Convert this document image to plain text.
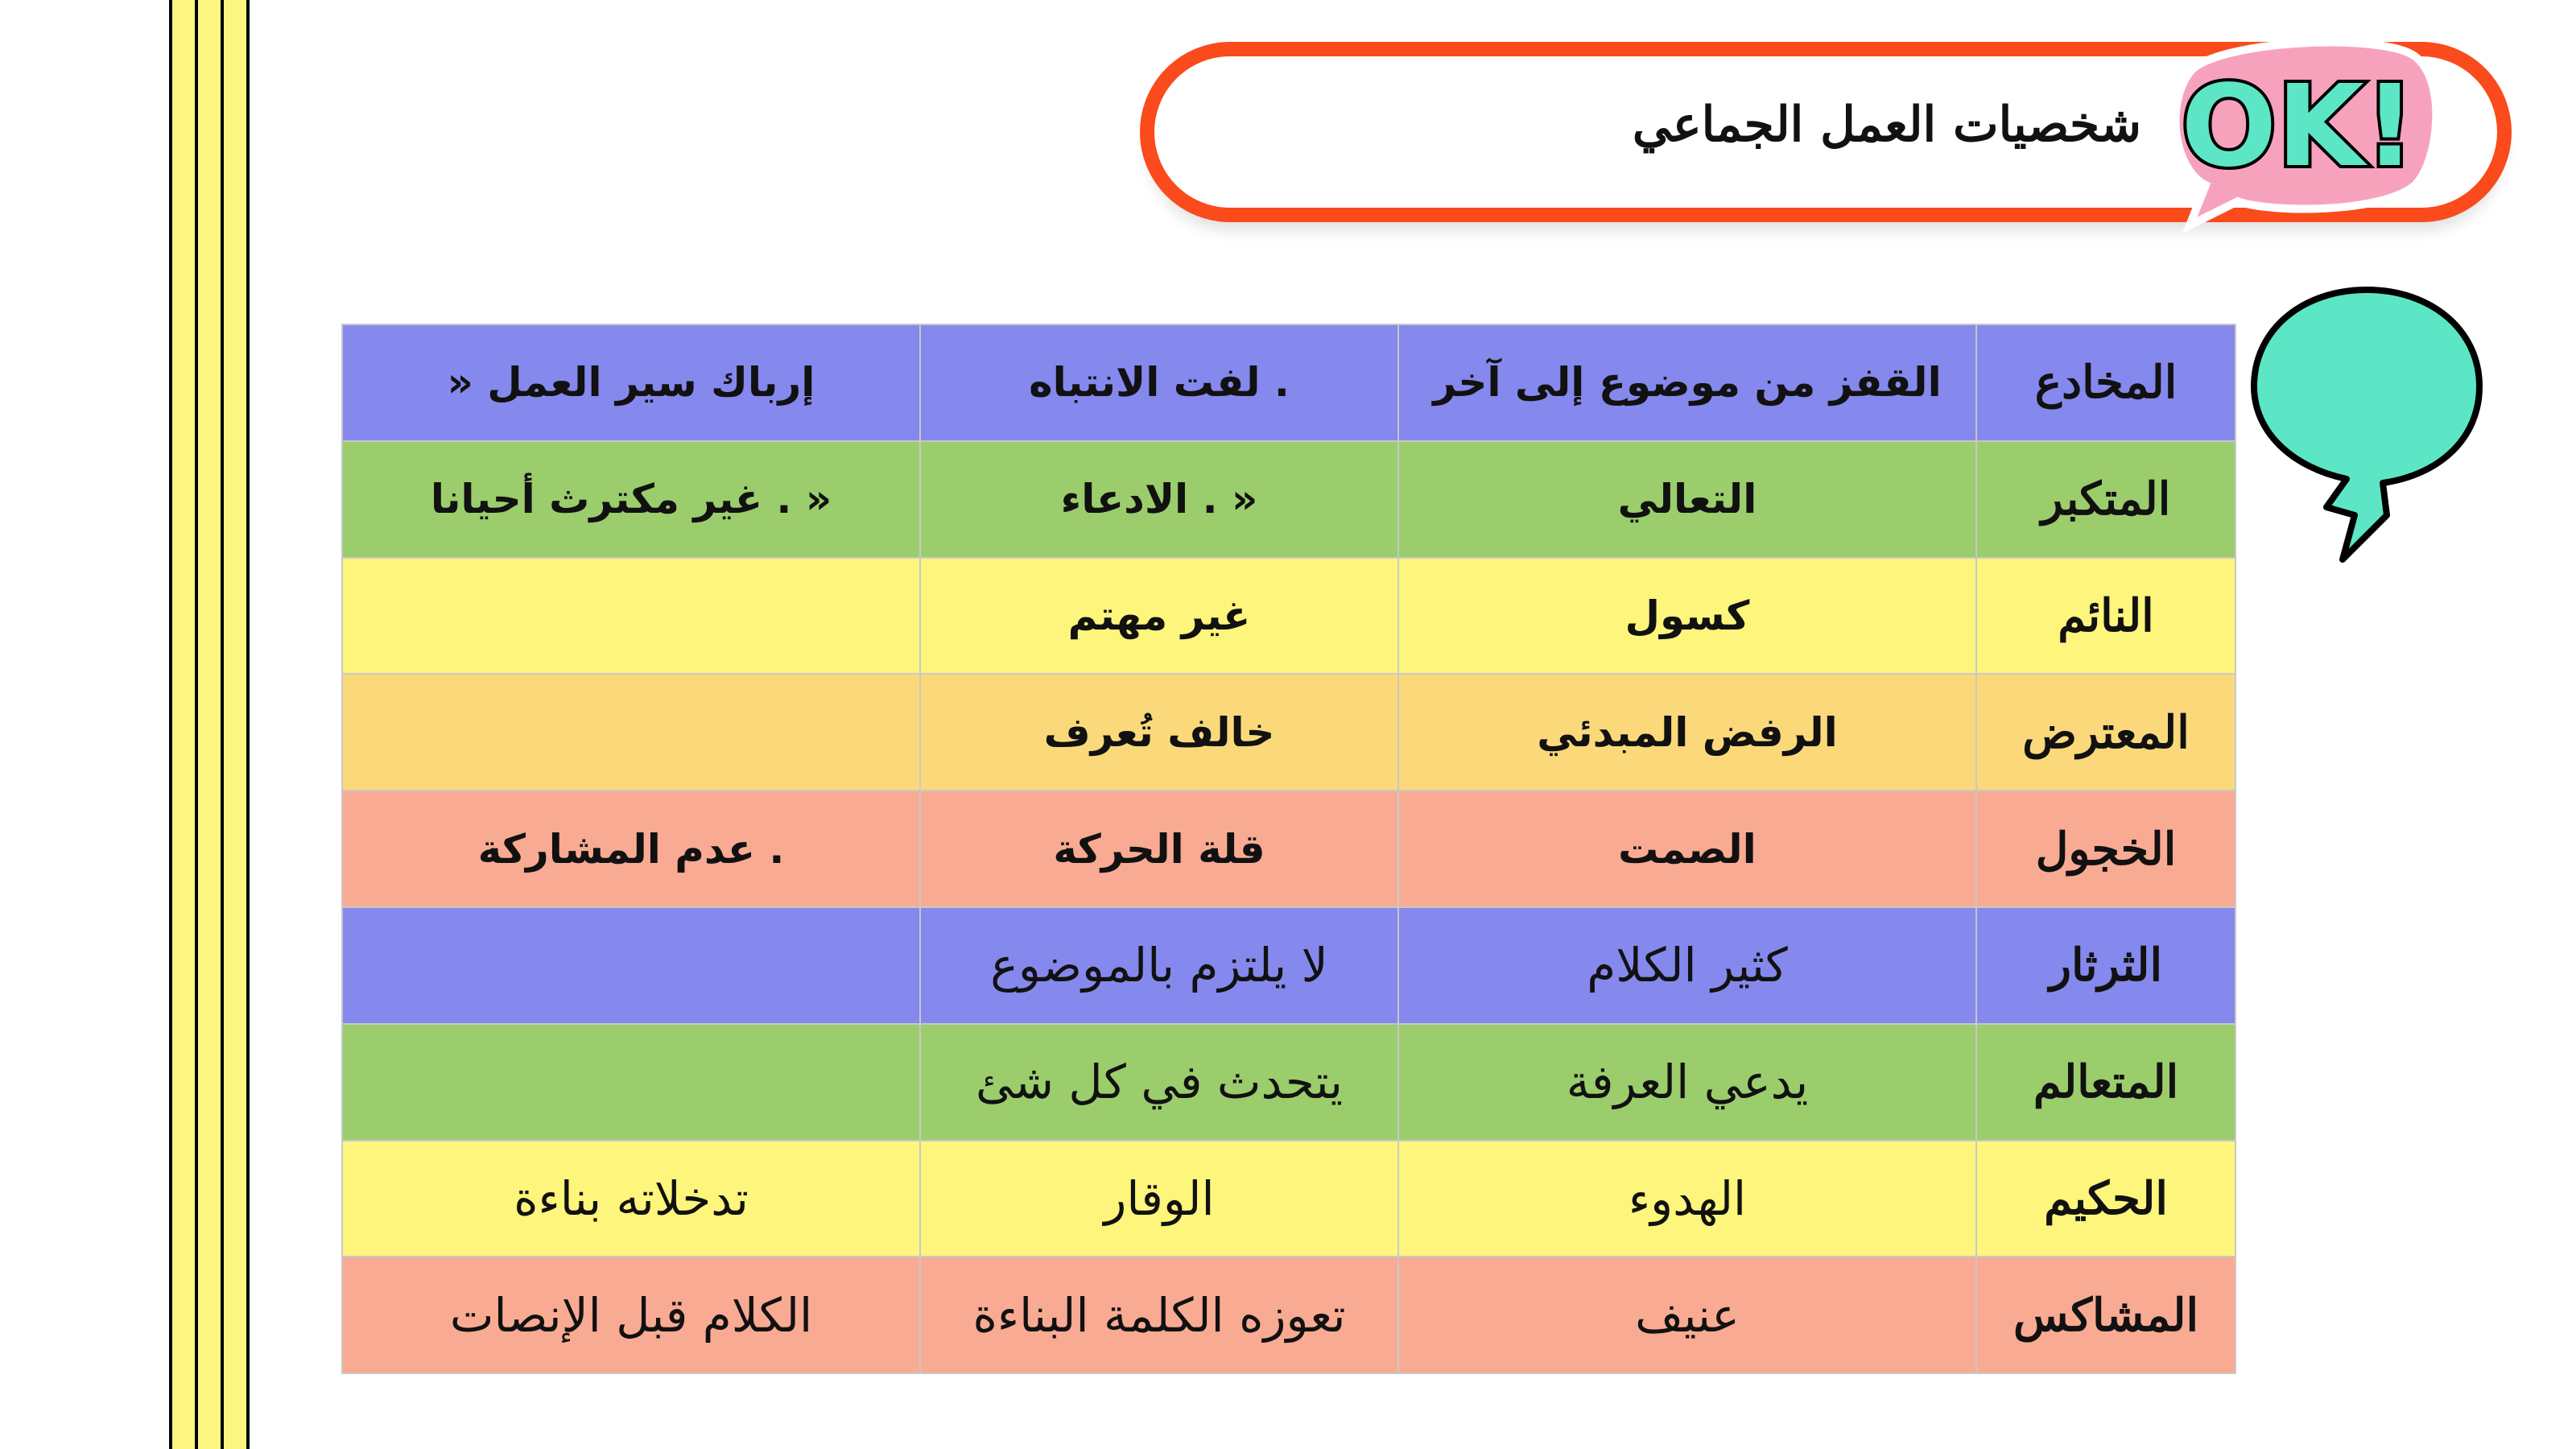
شخصيات العمل الجماعي OK!
المخادع	القفز من موضوع إلى آخر	. لفت الانتباه	إرباك سير العمل «
المتكبر	التعالي	« . الادعاء	« . غير مكترث أحيانا
النائم	كسول	غير مهتم	
المعترض	الرفض المبدئي	خالف تُعرف	
الخجول	الصمت	قلة الحركة	. عدم المشاركة
الثرثار	كثير الكلام	لا يلتزم بالموضوع	
المتعالم	يدعي العرفة	يتحدث في كل شئ	
الحكيم	الهدوء	الوقار	تدخلاته بناءة
المشاكس	عنيف	تعوزه الكلمة البناءة	الكلام قبل الإنصات
